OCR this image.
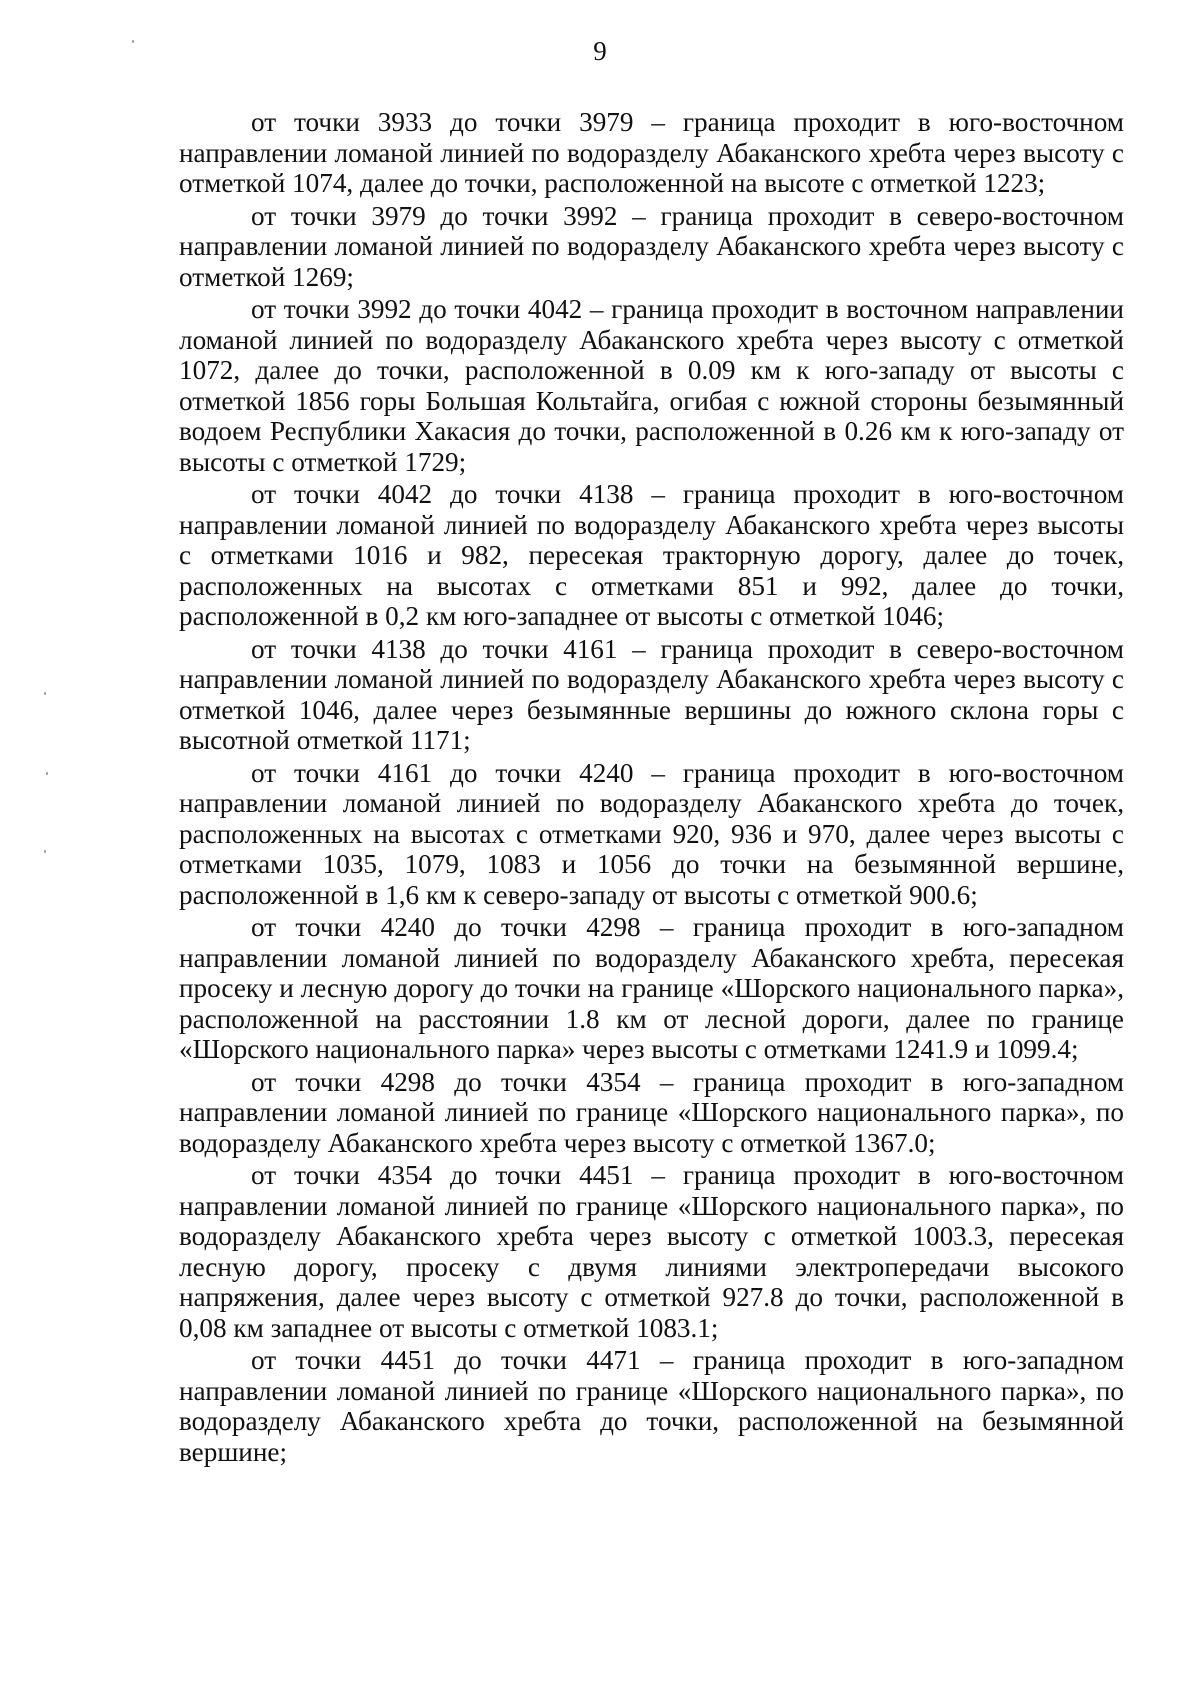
9

от точки 3933 до точки 3979 – граница проходит в юго-восточном направлении ломаной линией по водоразделу Абаканского хребта через высоту с отметкой 1074, далее до точки, расположенной на высоте с отметкой 1223;

от точки 3979 до точки 3992 – граница проходит в северо-восточном направлении ломаной линией по водоразделу Абаканского хребта через высоту с отметкой 1269;

от точки 3992 до точки 4042 – граница проходит в восточном направлении ломаной линией по водоразделу Абаканского хребта через высоту с отметкой 1072, далее до точки, расположенной в 0.09 км к юго-западу от высоты с отметкой 1856 горы Большая Кольтайга, огибая с южной стороны безымянный водоем Республики Хакасия до точки, расположенной в 0.26 км к юго-западу от высоты с отметкой 1729;

от точки 4042 до точки 4138 – граница проходит в юго-восточном направлении ломаной линией по водоразделу Абаканского хребта через высоты с отметками 1016 и 982, пересекая тракторную дорогу, далее до точек, расположенных на высотах с отметками 851 и 992, далее до точки, расположенной в 0,2 км юго-западнее от высоты с отметкой 1046;

от точки 4138 до точки 4161 – граница проходит в северо-восточном направлении ломаной линией по водоразделу Абаканского хребта через высоту с отметкой 1046, далее через безымянные вершины до южного склона горы с высотной отметкой 1171;

от точки 4161 до точки 4240 – граница проходит в юго-восточном направлении ломаной линией по водоразделу Абаканского хребта до точек, расположенных на высотах с отметками 920, 936 и 970, далее через высоты с отметками 1035, 1079, 1083 и 1056 до точки на безымянной вершине, расположенной в 1,6 км к северо-западу от высоты с отметкой 900.6;

от точки 4240 до точки 4298 – граница проходит в юго-западном направлении ломаной линией по водоразделу Абаканского хребта, пересекая просеку и лесную дорогу до точки на границе «Шорского национального парка», расположенной на расстоянии 1.8 км от лесной дороги, далее по границе «Шорского национального парка» через высоты с отметками 1241.9 и 1099.4;

от точки 4298 до точки 4354 – граница проходит в юго-западном направлении ломаной линией по границе «Шорского национального парка», по водоразделу Абаканского хребта через высоту с отметкой 1367.0;

от точки 4354 до точки 4451 – граница проходит в юго-восточном направлении ломаной линией по границе «Шорского национального парка», по водоразделу Абаканского хребта через высоту с отметкой 1003.3, пересекая лесную дорогу, просеку с двумя линиями электропередачи высокого напряжения, далее через высоту с отметкой 927.8 до точки, расположенной в 0,08 км западнее от высоты с отметкой 1083.1;

от точки 4451 до точки 4471 – граница проходит в юго-западном направлении ломаной линией по границе «Шорского национального парка», по водоразделу Абаканского хребта до точки, расположенной на безымянной вершине;
